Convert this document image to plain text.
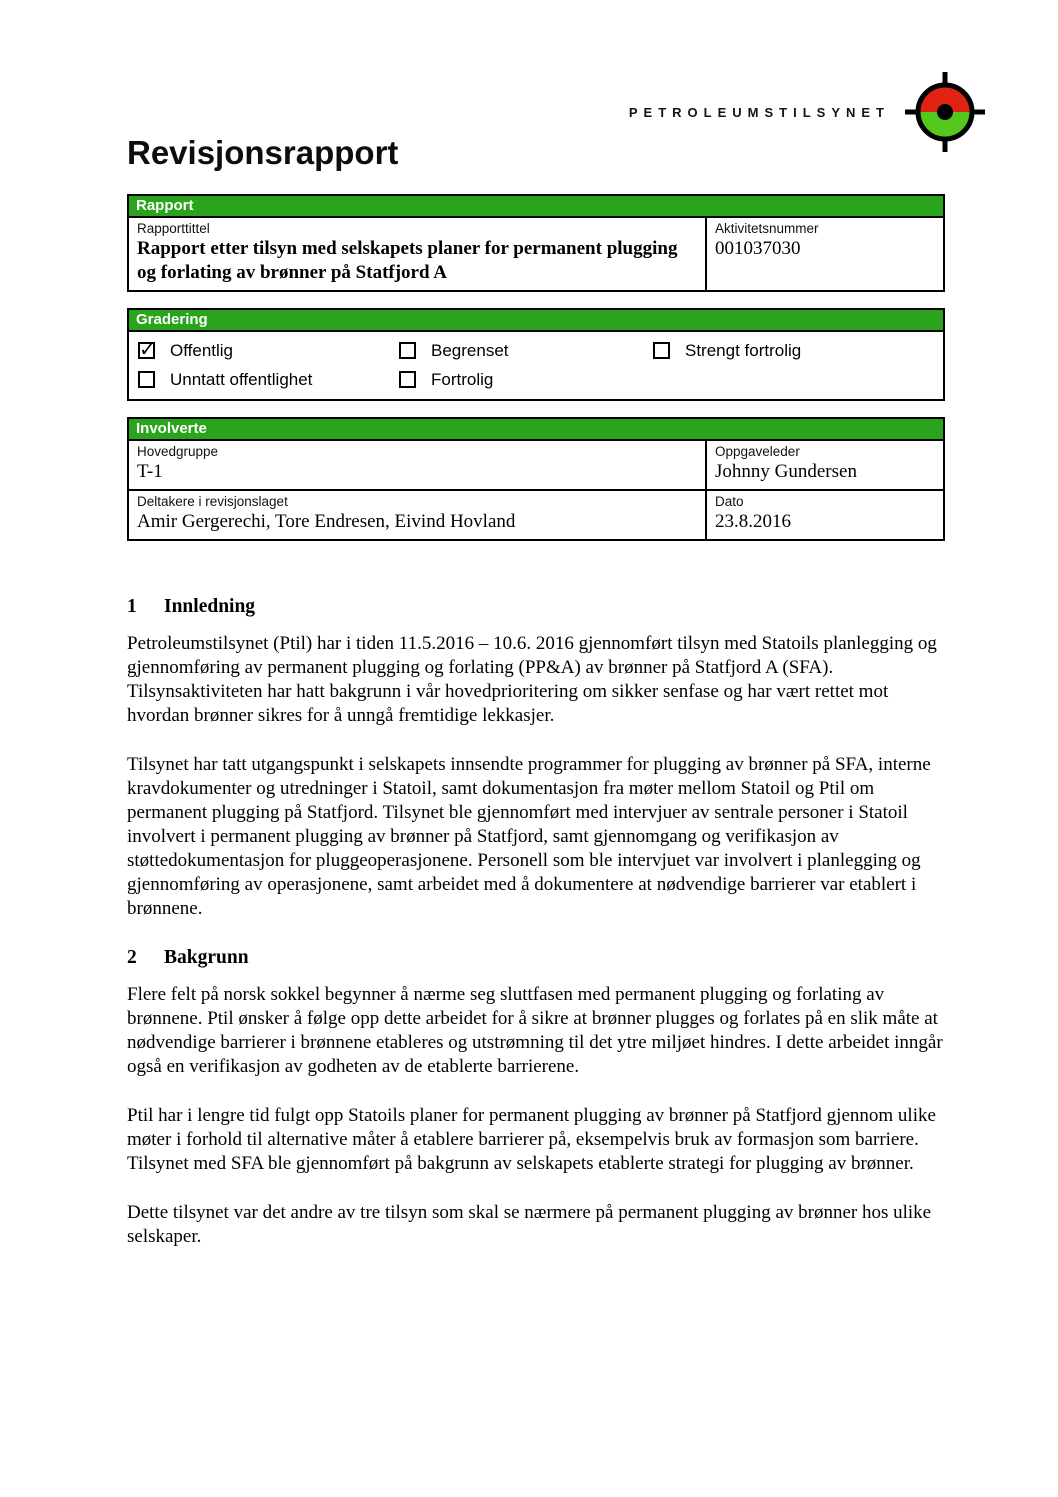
PETROLEUMSTILSYNET
Revisjonsrapport
Rapport
Rapporttittel
Rapport etter tilsyn med selskapets planer for permanent plugging og forlating av brønner på Statfjord A
Aktivitetsnummer
001037030
Gradering
✓
Offentlig	Begrenset	Strengt fortrolig
Unntatt offentlighet	Fortrolig
Involverte
Hovedgruppe
T-1
Oppgaveleder
Johnny Gundersen
Deltakere i revisjonslaget
Amir Gergerechi, Tore Endresen, Eivind Hovland
Dato
23.8.2016
1	Innledning

Petroleumstilsynet (Ptil) har i tiden 11.5.2016 – 10.6. 2016 gjennomført tilsyn med Statoils planlegging og gjennomføring av permanent plugging og forlating (PP&A) av brønner på Statfjord A (SFA). Tilsynsaktiviteten har hatt bakgrunn i vår hovedprioritering om sikker senfase og har vært rettet mot hvordan brønner sikres for å unngå fremtidige lekkasjer.

Tilsynet har tatt utgangspunkt i selskapets innsendte programmer for plugging av brønner på SFA, interne kravdokumenter og utredninger i Statoil, samt dokumentasjon fra møter mellom Statoil og Ptil om permanent plugging på Statfjord. Tilsynet ble gjennomført med intervjuer av sentrale personer i Statoil involvert i permanent plugging av brønner på Statfjord, samt gjennomgang og verifikasjon av støttedokumentasjon for pluggeoperasjonene. Personell som ble intervjuet var involvert i planlegging og gjennomføring av operasjonene, samt arbeidet med å dokumentere at nødvendige barrierer var etablert i brønnene.

2	Bakgrunn

Flere felt på norsk sokkel begynner å nærme seg sluttfasen med permanent plugging og forlating av brønnene. Ptil ønsker å følge opp dette arbeidet for å sikre at brønner plugges og forlates på en slik måte at nødvendige barrierer i brønnene etableres og utstrømning til det ytre miljøet hindres. I dette arbeidet inngår også en verifikasjon av godheten av de etablerte barrierene.

Ptil har i lengre tid fulgt opp Statoils planer for permanent plugging av brønner på Statfjord gjennom ulike møter i forhold til alternative måter å etablere barrierer på, eksempelvis bruk av formasjon som barriere. Tilsynet med SFA ble gjennomført på bakgrunn av selskapets etablerte strategi for plugging av brønner.

Dette tilsynet var det andre av tre tilsyn som skal se nærmere på permanent plugging av brønner hos ulike selskaper.
